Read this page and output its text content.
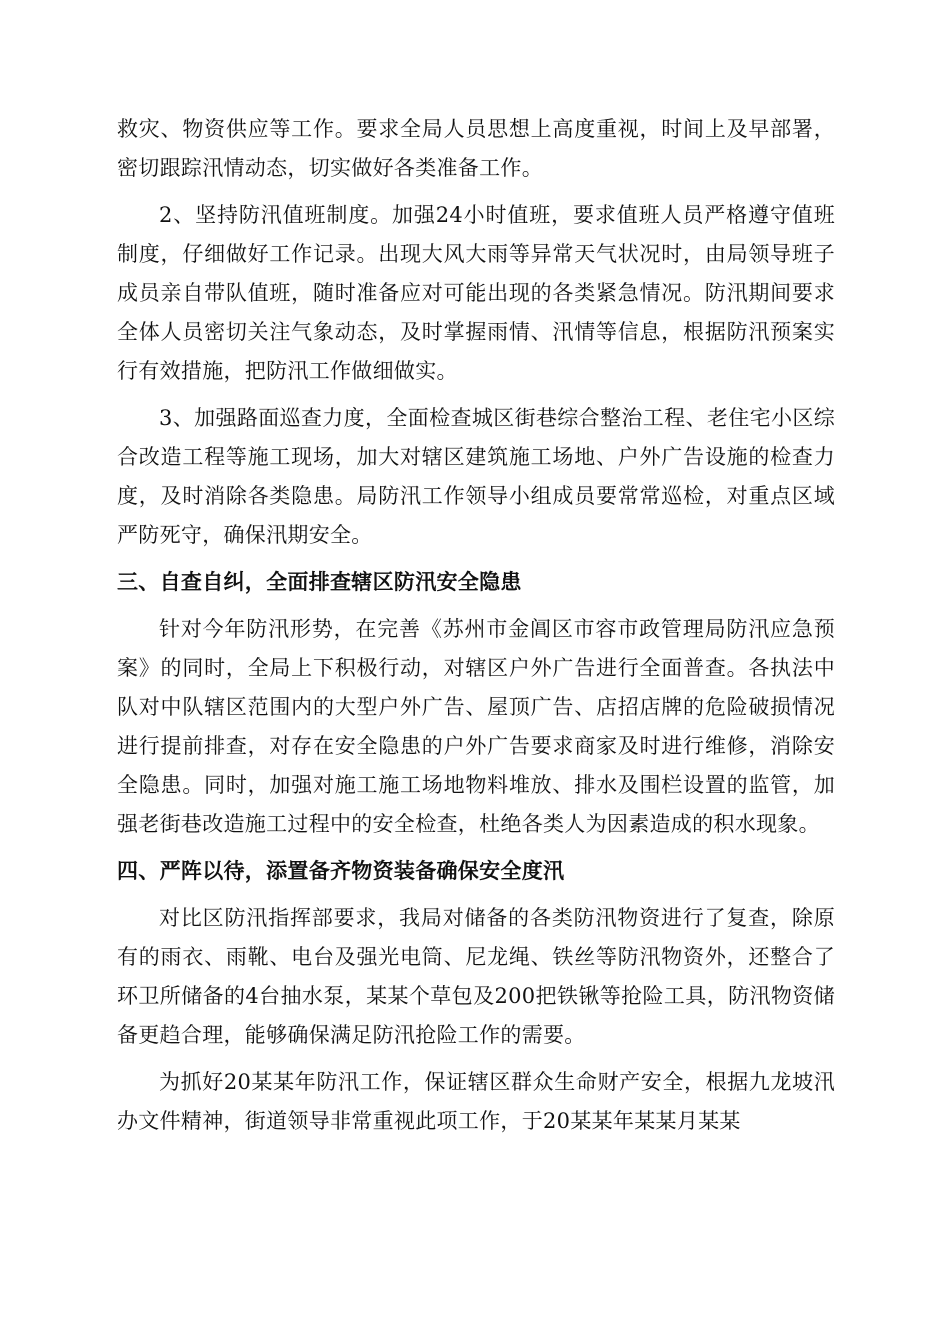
救灾、物资供应等工作。要求全局人员思想上高度重视，时间上及早部署，密切跟踪汛情动态，切实做好各类准备工作。

2、坚持防汛值班制度。加强24小时值班，要求值班人员严格遵守值班制度，仔细做好工作记录。出现大风大雨等异常天气状况时，由局领导班子成员亲自带队值班，随时准备应对可能出现的各类紧急情况。防汛期间要求全体人员密切关注气象动态，及时掌握雨情、汛情等信息，根据防汛预案实行有效措施，把防汛工作做细做实。

3、加强路面巡查力度，全面检查城区街巷综合整治工程、老住宅小区综合改造工程等施工现场，加大对辖区建筑施工场地、户外广告设施的检查力度，及时消除各类隐患。局防汛工作领导小组成员要常常巡检，对重点区域严防死守，确保汛期安全。

三、自查自纠，全面排查辖区防汛安全隐患

针对今年防汛形势，在完善《苏州市金阊区市容市政管理局防汛应急预案》的同时，全局上下积极行动，对辖区户外广告进行全面普查。各执法中队对中队辖区范围内的大型户外广告、屋顶广告、店招店牌的危险破损情况进行提前排查，对存在安全隐患的户外广告要求商家及时进行维修，消除安全隐患。同时，加强对施工施工场地物料堆放、排水及围栏设置的监管，加强老街巷改造施工过程中的安全检查，杜绝各类人为因素造成的积水现象。

四、严阵以待，添置备齐物资装备确保安全度汛

对比区防汛指挥部要求，我局对储备的各类防汛物资进行了复查，除原有的雨衣、雨靴、电台及强光电筒、尼龙绳、铁丝等防汛物资外，还整合了环卫所储备的4台抽水泵，某某个草包及200把铁锹等抢险工具，防汛物资储备更趋合理，能够确保满足防汛抢险工作的需要。

为抓好20某某年防汛工作，保证辖区群众生命财产安全，根据九龙坡汛办文件精神，街道领导非常重视此项工作，于20某某年某某月某某
